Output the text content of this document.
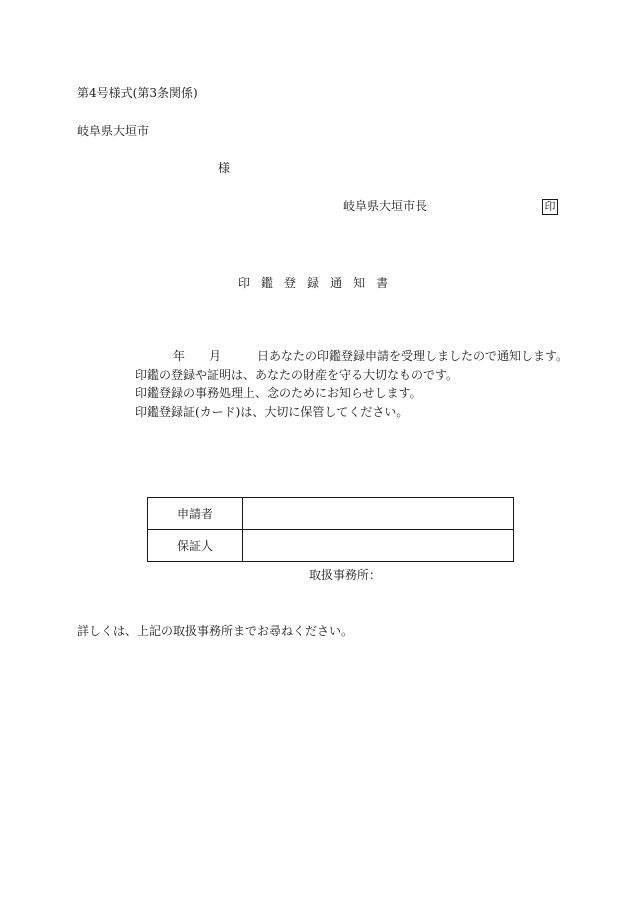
第4号様式(第3条関係)
岐阜県大垣市
様
岐阜県大垣市長	印
印 鑑 登 録 通 知 書
年 月	日あなたの印鑑登録申請を受理しましたので通知します。
印鑑の登録や証明は、あなたの財産を守る大切なものです。
印鑑登録の事務処理上、念のためにお知らせします。
印鑑登録証(カード)は、大切に保管してください。
申請者	
保証人	
取扱事務所：
詳しくは、上記の取扱事務所までお尋ねください。
